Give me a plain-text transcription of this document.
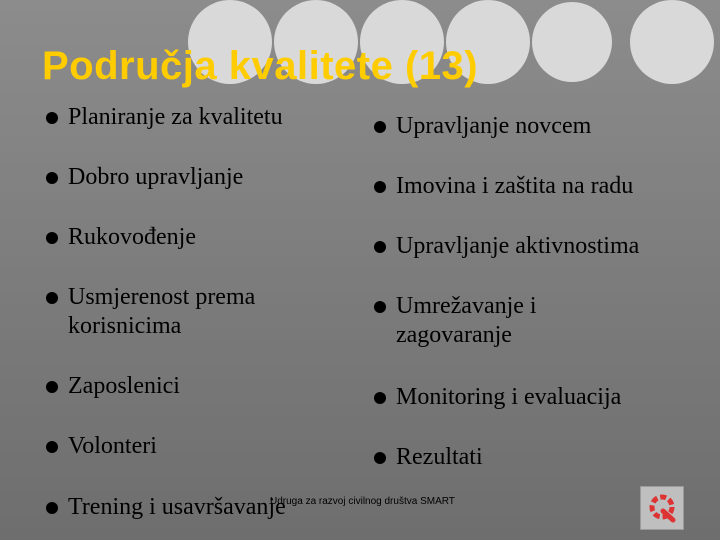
Područja kvalitete (13)
Planiranje za kvalitetu
Dobro upravljanje
Rukovođenje
Usmjerenost prema korisnicima
Zaposlenici
Volonteri
Trening i usavršavanje
Upravljanje novcem
Imovina i zaštita na radu
Upravljanje aktivnostima
Umrežavanje i zagovaranje
Monitoring i evaluacija
Rezultati
Udruga za razvoj civilnog društva SMART
